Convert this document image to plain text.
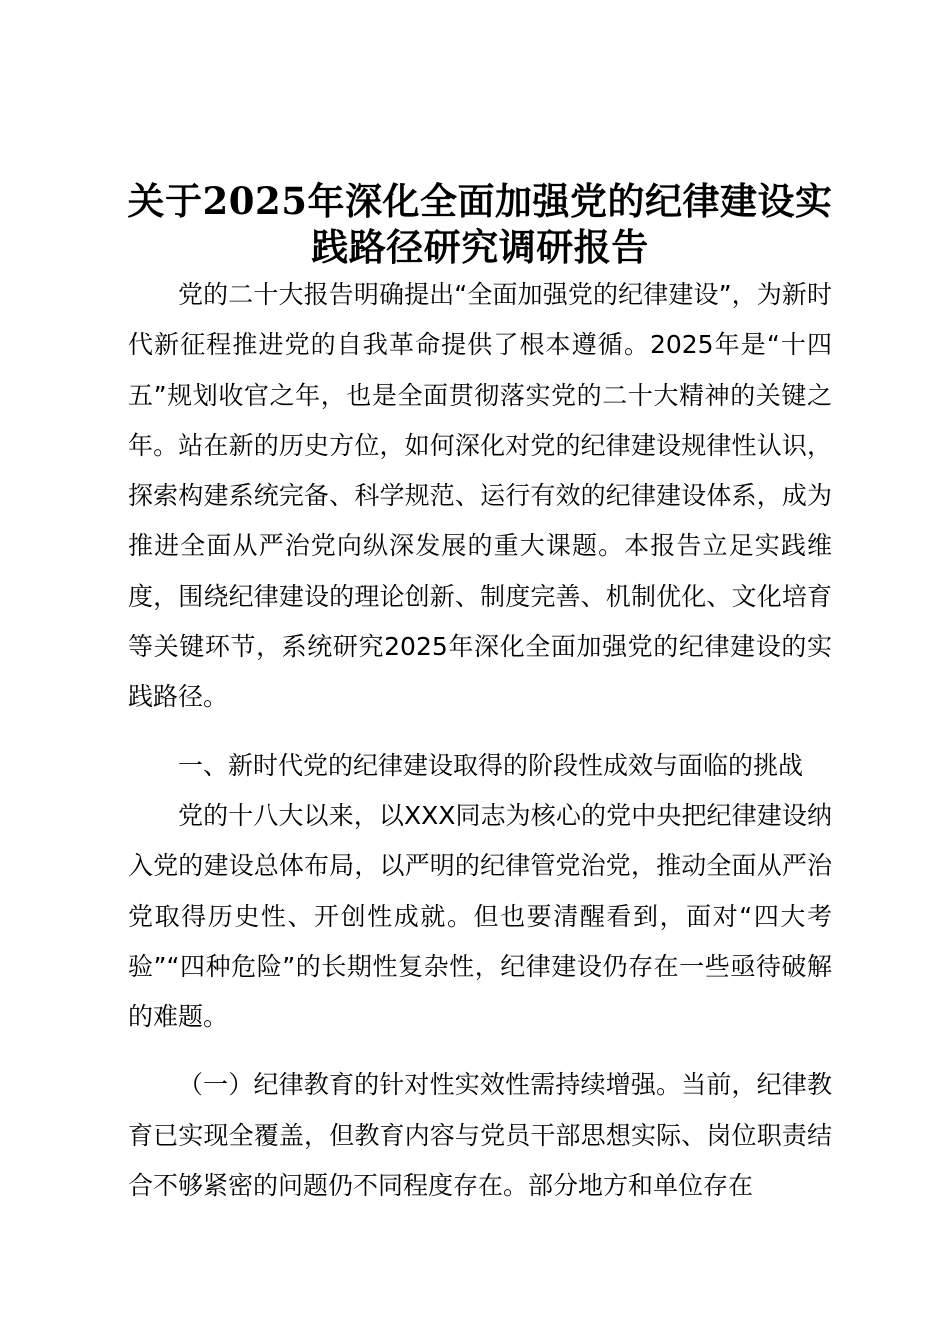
关于2025年深化全面加强党的纪律建设实践路径研究调研报告

党的二十大报告明确提出“全面加强党的纪律建设”，为新时代新征程推进党的自我革命提供了根本遵循。2025年是“十四五”规划收官之年，也是全面贯彻落实党的二十大精神的关键之年。站在新的历史方位，如何深化对党的纪律建设规律性认识，探索构建系统完备、科学规范、运行有效的纪律建设体系，成为推进全面从严治党向纵深发展的重大课题。本报告立足实践维度，围绕纪律建设的理论创新、制度完善、机制优化、文化培育等关键环节，系统研究2025年深化全面加强党的纪律建设的实践路径。

一、新时代党的纪律建设取得的阶段性成效与面临的挑战

党的十八大以来，以XXX同志为核心的党中央把纪律建设纳入党的建设总体布局，以严明的纪律管党治党，推动全面从严治党取得历史性、开创性成就。但也要清醒看到，面对“四大考验”“四种危险”的长期性复杂性，纪律建设仍存在一些亟待破解的难题。

（一）纪律教育的针对性实效性需持续增强。当前，纪律教育已实现全覆盖，但教育内容与党员干部思想实际、岗位职责结合不够紧密的问题仍不同程度存在。部分地方和单位存在
